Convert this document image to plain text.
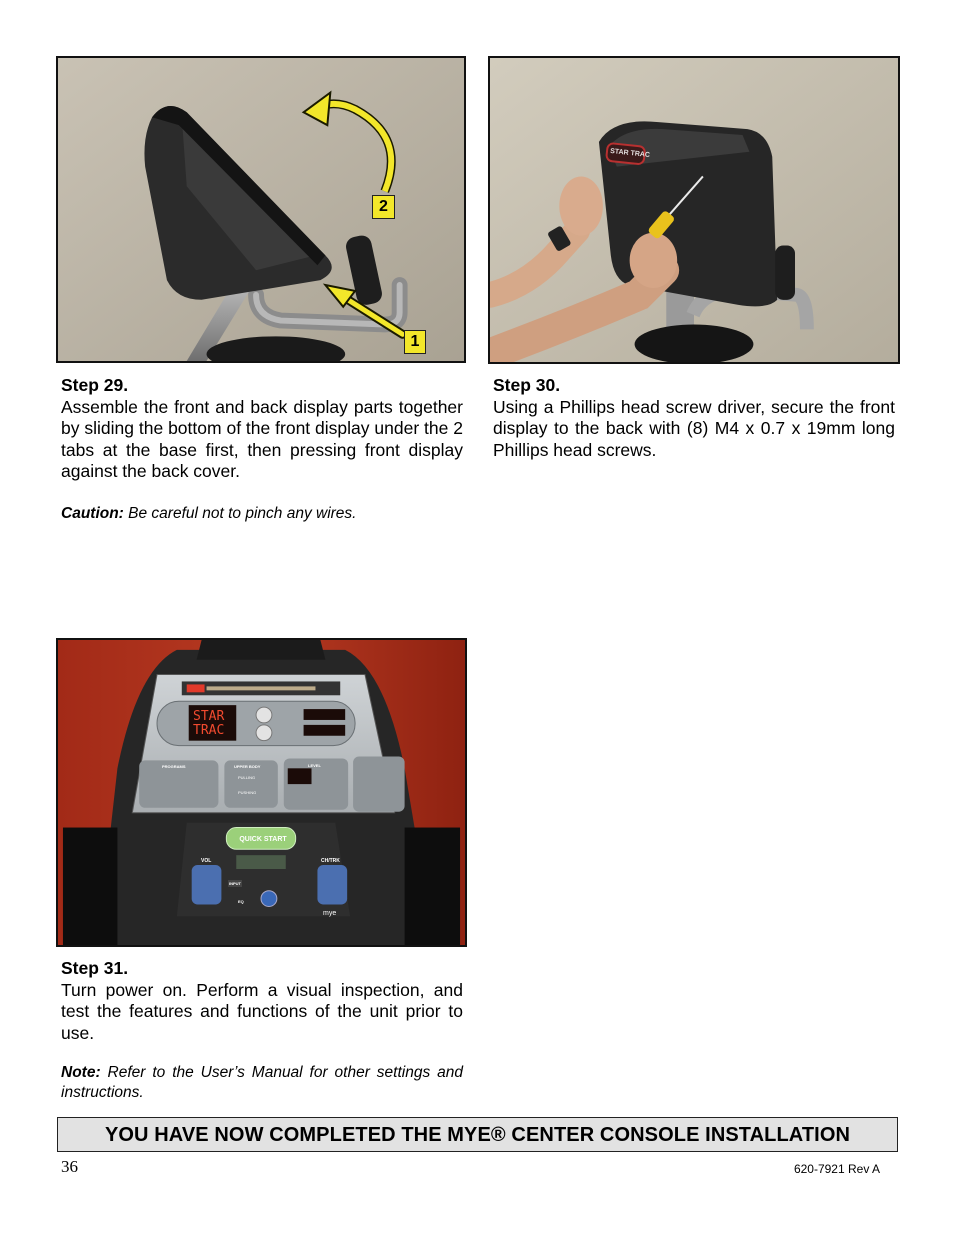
2
1
STAR TRAC
Step 29.
Assemble the front and back display parts together by sliding the bottom of the front display under the 2 tabs at the base first, then pressing front display against the back cover.
Caution: Be careful not to pinch any wires.
Step 30.
Using a Phillips head screw driver, secure the front display to the back with (8) M4 x 0.7 x 19mm long Phillips head screws.
STAR TRAC
PROGRAMS	UPPER BODY
PULLING
PUSHING
LEVEL
QUICK START
VOL	CH/TRK
INPUT
EQ
mye
Step 31.
Turn power on. Perform a visual inspection, and test the features and functions of the unit prior to use.
Note: Refer to the User’s Manual for other settings and instructions.
YOU HAVE NOW COMPLETED THE MYE® CENTER CONSOLE INSTALLATION
36	620-7921 Rev A
